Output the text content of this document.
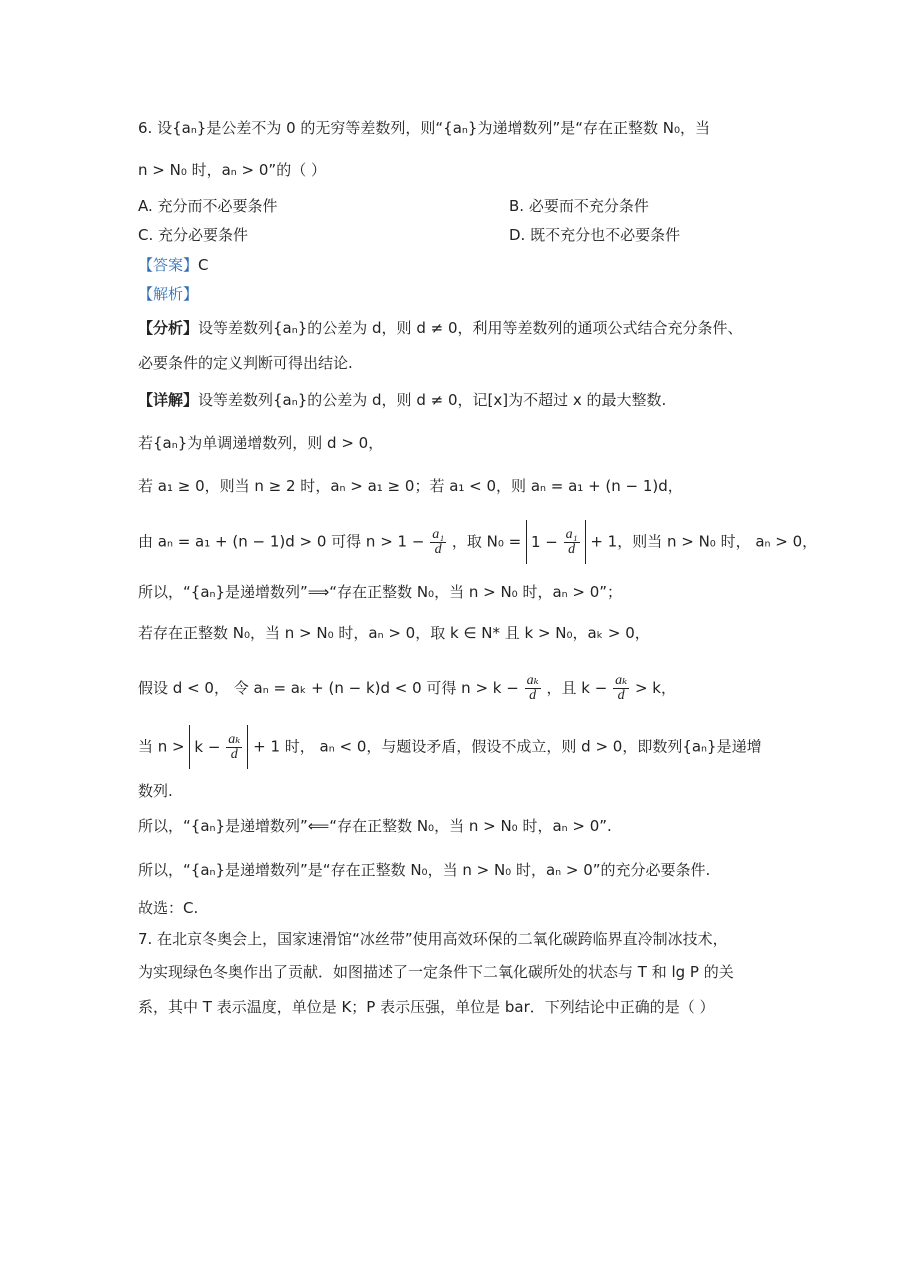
6. 设{aₙ}是公差不为 0 的无穷等差数列，则“{aₙ}为递增数列”是“存在正整数 N₀，当
n > N₀ 时，aₙ > 0”的（ ）
A. 充分而不必要条件	B. 必要而不充分条件
C. 充分必要条件	D. 既不充分也不必要条件
【答案】C
【解析】
【分析】设等差数列{aₙ}的公差为 d，则 d ≠ 0，利用等差数列的通项公式结合充分条件、
必要条件的定义判断可得出结论.
【详解】设等差数列{aₙ}的公差为 d，则 d ≠ 0，记[x]为不超过 x 的最大整数.
若{aₙ}为单调递增数列，则 d > 0，
若 a₁ ≥ 0，则当 n ≥ 2 时，aₙ > a₁ ≥ 0；若 a₁ < 0，则 aₙ = a₁ + (n − 1)d，
由 aₙ = a₁ + (n − 1)d > 0 可得 $n > 1 - \frac{\text{a₁}}{d}$ ，取 $N_0 = 1 - \frac{\text{a₁}}{d} + 1$，则当 n > N₀ 时， aₙ > 0，
所以，“{aₙ}是递增数列”⟹“存在正整数 N₀，当 n > N₀ 时，aₙ > 0”；
若存在正整数 N₀，当 n > N₀ 时，aₙ > 0，取 k ∈ N* 且 k > N₀，aₖ > 0，
假设 d < 0， 令 aₙ = aₖ + (n − k)d < 0 可得 $n > k - \frac{\text{aₖ}}{d}$ ，且 $k - \frac{\text{aₖ}}{d} > k$，
当 $n > k - \frac{\text{aₖ}}{d} + 1$ 时， aₙ < 0，与题设矛盾，假设不成立，则 d > 0，即数列{aₙ}是递增
数列.
所以，“{aₙ}是递增数列”⟸“存在正整数 N₀，当 n > N₀ 时，aₙ > 0”.
所以，“{aₙ}是递增数列”是“存在正整数 N₀，当 n > N₀ 时，aₙ > 0”的充分必要条件.
故选：C.
7. 在北京冬奥会上，国家速滑馆“冰丝带”使用高效环保的二氧化碳跨临界直冷制冰技术，
为实现绿色冬奥作出了贡献．如图描述了一定条件下二氧化碳所处的状态与 T 和 lg P 的关
系，其中 T 表示温度，单位是 K；P 表示压强，单位是 bar．下列结论中正确的是（ ）
